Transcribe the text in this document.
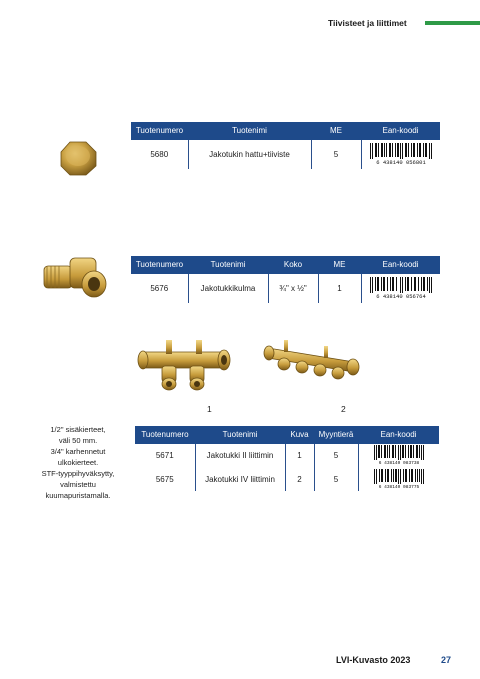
Tiivisteet ja liittimet
Tuotenumero	Tuotenimi	ME	Ean-koodi
5680	Jakotukin hattu+tiiviste	5	6 438140 056801
Tuotenumero	Tuotenimi	Koko	ME	Ean-koodi
5676	Jakotukkikulma	¾" x ½"	1	6 438140 056764
1	2
1/2" sisäkierteet,
väli 50 mm.
3/4" karhennetut
ulkokierteet.
STF-tyyppihyväksytty,
valmistettu
kuumapuristamalla.
Tuotenumero	Tuotenimi	Kuva	Myyntierä	Ean-koodi
5671	Jakotukki II liittimin	1	5	6 438140 083738

5675	Jakotukki IV liittimin	2	5	6 438140 083775
LVI-Kuvasto 2023	27
